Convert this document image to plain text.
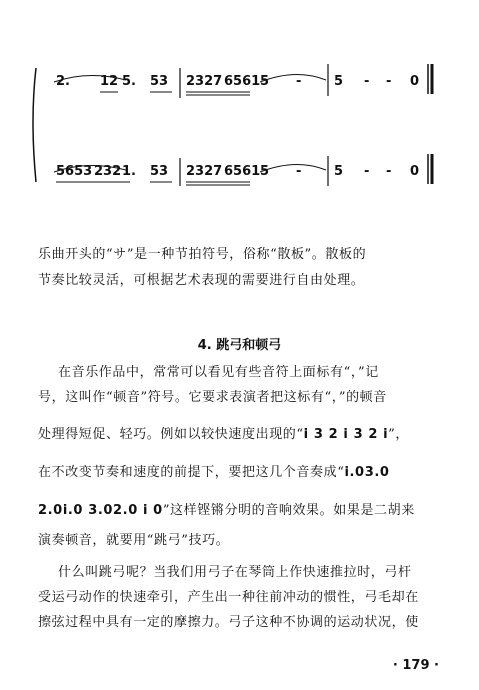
2. 12 5. 53 2327 6561 5 -	5 - - 0
5653 232 1. 53 2327 6561 5 -	5 - - 0
乐曲开头的“サ”是一种节拍符号，俗称“散板”。散板的
节奏比较灵活，可根据艺术表现的需要进行自由处理。
4. 跳弓和顿弓
在音乐作品中，常常可以看见有些音符上面标有“，”记
号，这叫作“顿音”符号。它要求表演者把这标有“，”的顿音
处理得短促、轻巧。例如以较快速度出现的“i 3 2 i 3 2 i”，
在不改变节奏和速度的前提下，要把这几个音奏成“i.03.0
2.0i.0 3.02.0 i 0”这样铿锵分明的音响效果。如果是二胡来
演奏顿音，就要用“跳弓”技巧。
什么叫跳弓呢？当我们用弓子在琴筒上作快速推拉时，弓杆
受运弓动作的快速牵引，产生出一种往前冲动的惯性，弓毛却在
擦弦过程中具有一定的摩擦力。弓子这种不协调的运动状况，使
· 179 ·
